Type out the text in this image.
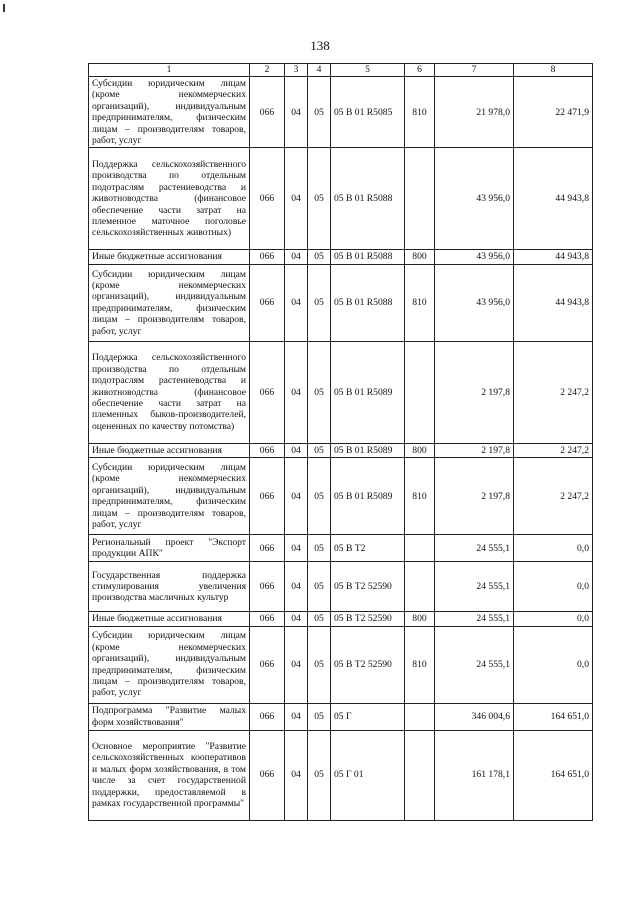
138
1	2	3	4	5	6	7	8
Субсидии юридическим лицам (кроме некоммерческих организаций), индивидуальным предпринимателям, физическим лицам – производителям товаров, работ, услуг	066	04	05	05 В 01 R5085	810	21 978,0	22 471,9
Поддержка сельскохозяйственного производства по отдельным подотраслям растениеводства и животноводства (финансовое обеспечение части затрат на племенное маточное поголовье сельскохозяйственных животных)	066	04	05	05 В 01 R5088		43 956,0	44 943,8
Иные бюджетные ассигнования	066	04	05	05 В 01 R5088	800	43 956,0	44 943,8
Субсидии юридическим лицам (кроме некоммерческих организаций), индивидуальным предпринимателям, физическим лицам – производителям товаров, работ, услуг	066	04	05	05 В 01 R5088	810	43 956,0	44 943,8
Поддержка сельскохозяйственного производства по отдельным подотраслям растениеводства и животноводства (финансовое обеспечение части затрат на племенных быков-производителей, оцененных по качеству потомства)	066	04	05	05 В 01 R5089		2 197,8	2 247,2
Иные бюджетные ассигнования	066	04	05	05 В 01 R5089	800	2 197,8	2 247,2
Субсидии юридическим лицам (кроме некоммерческих организаций), индивидуальным предпринимателям, физическим лицам – производителям товаров, работ, услуг	066	04	05	05 В 01 R5089	810	2 197,8	2 247,2
Региональный проект "Экспорт продукции АПК"	066	04	05	05 В Т2		24 555,1	0,0
Государственная поддержка стимулирования увеличения производства масличных культур	066	04	05	05 В Т2 52590		24 555,1	0,0
Иные бюджетные ассигнования	066	04	05	05 В Т2 52590	800	24 555,1	0,0
Субсидии юридическим лицам (кроме некоммерческих организаций), индивидуальным предпринимателям, физическим лицам – производителям товаров, работ, услуг	066	04	05	05 В Т2 52590	810	24 555,1	0,0
Подпрограмма "Развитие малых форм хозяйствования"	066	04	05	05 Г		346 004,6	164 651,0
Основное мероприятие "Развитие сельскохозяйственных кооперативов и малых форм хозяйствования, в том числе за счет государственной поддержки, предоставляемой в рамках государственной программы"	066	04	05	05 Г 01		161 178,1	164 651,0
